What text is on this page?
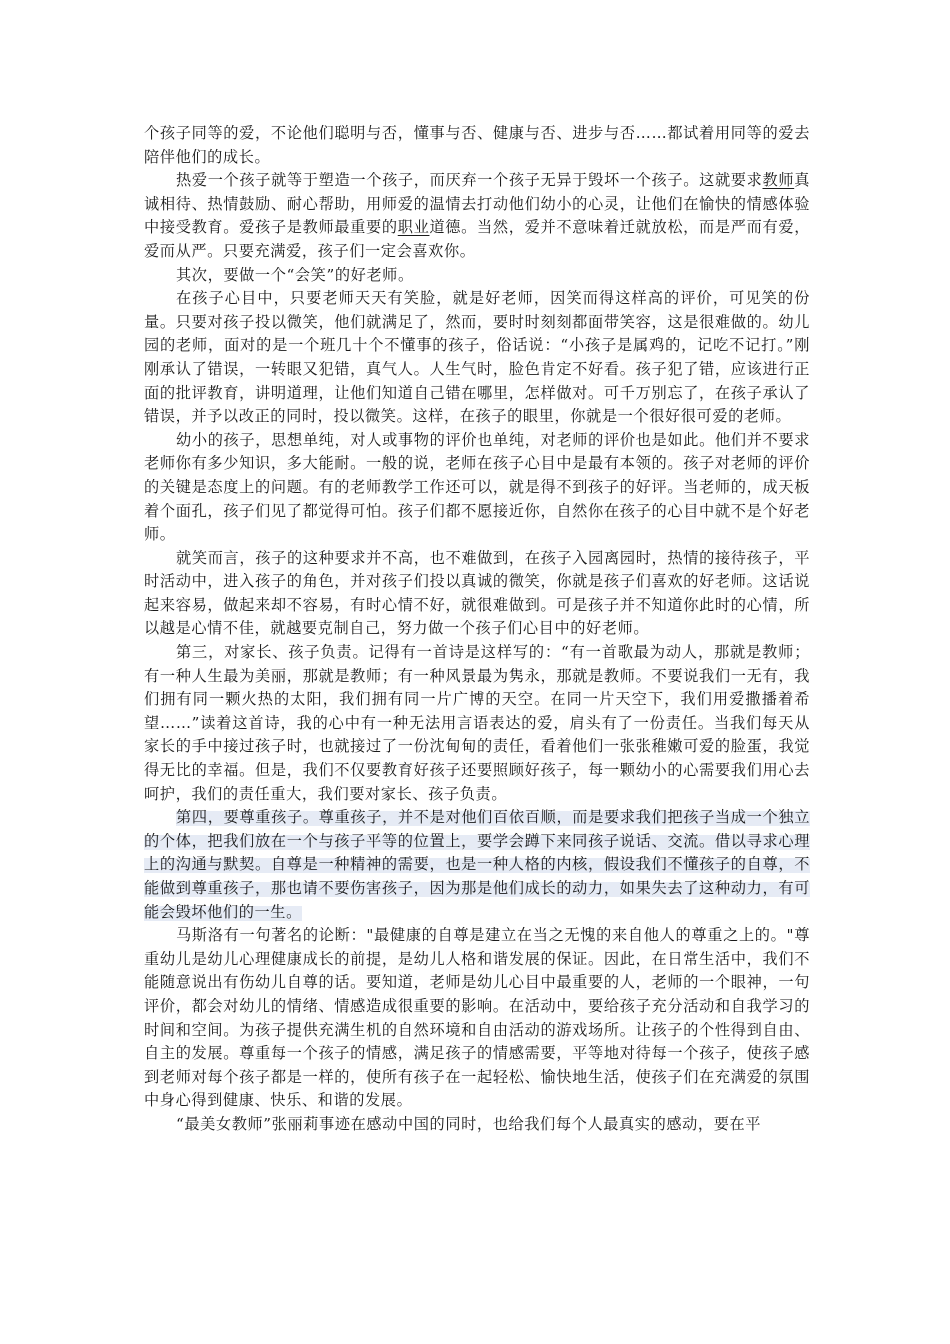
个孩子同等的爱，不论他们聪明与否，懂事与否、健康与否、进步与否……都试着用同等的爱去陪伴他们的成长。

热爱一个孩子就等于塑造一个孩子，而厌弃一个孩子无异于毁坏一个孩子。这就要求教师真诚相待、热情鼓励、耐心帮助，用师爱的温情去打动他们幼小的心灵，让他们在愉快的情感体验中接受教育。爱孩子是教师最重要的职业道德。当然，爱并不意味着迁就放松，而是严而有爱，爱而从严。只要充满爱，孩子们一定会喜欢你。

其次，要做一个“会笑”的好老师。

在孩子心目中，只要老师天天有笑脸，就是好老师，因笑而得这样高的评价，可见笑的份量。只要对孩子投以微笑，他们就满足了，然而，要时时刻刻都面带笑容，这是很难做的。幼儿园的老师，面对的是一个班几十个不懂事的孩子，俗话说：“小孩子是属鸡的，记吃不记打。”刚刚承认了错误，一转眼又犯错，真气人。人生气时，脸色肯定不好看。孩子犯了错，应该进行正面的批评教育，讲明道理，让他们知道自己错在哪里，怎样做对。可千万别忘了，在孩子承认了错误，并予以改正的同时，投以微笑。这样，在孩子的眼里，你就是一个很好很可爱的老师。

幼小的孩子，思想单纯，对人或事物的评价也单纯，对老师的评价也是如此。他们并不要求老师你有多少知识，多大能耐。一般的说，老师在孩子心目中是最有本领的。孩子对老师的评价的关键是态度上的问题。有的老师教学工作还可以，就是得不到孩子的好评。当老师的，成天板着个面孔，孩子们见了都觉得可怕。孩子们都不愿接近你，自然你在孩子的心目中就不是个好老师。

就笑而言，孩子的这种要求并不高，也不难做到，在孩子入园离园时，热情的接待孩子，平时活动中，进入孩子的角色，并对孩子们投以真诚的微笑，你就是孩子们喜欢的好老师。这话说起来容易，做起来却不容易，有时心情不好，就很难做到。可是孩子并不知道你此时的心情，所以越是心情不佳，就越要克制自己，努力做一个孩子们心目中的好老师。

第三，对家长、孩子负责。记得有一首诗是这样写的：“有一首歌最为动人，那就是教师；有一种人生最为美丽，那就是教师；有一种风景最为隽永，那就是教师。不要说我们一无有，我们拥有同一颗火热的太阳，我们拥有同一片广博的天空。在同一片天空下，我们用爱撒播着希望……”读着这首诗，我的心中有一种无法用言语表达的爱，肩头有了一份责任。当我们每天从家长的手中接过孩子时，也就接过了一份沈甸甸的责任，看着他们一张张稚嫩可爱的脸蛋，我觉得无比的幸福。但是，我们不仅要教育好孩子还要照顾好孩子，每一颗幼小的心需要我们用心去呵护，我们的责任重大，我们要对家长、孩子负责。

第四，要尊重孩子。尊重孩子，并不是对他们百依百顺，而是要求我们把孩子当成一个独立的个体，把我们放在一个与孩子平等的位置上，要学会蹲下来同孩子说话、交流。借以寻求心理上的沟通与默契。自尊是一种精神的需要，也是一种人格的内核，假设我们不懂孩子的自尊，不能做到尊重孩子，那也请不要伤害孩子，因为那是他们成长的动力，如果失去了这种动力，有可能会毁坏他们的一生。

马斯洛有一句著名的论断："最健康的自尊是建立在当之无愧的来自他人的尊重之上的。"尊重幼儿是幼儿心理健康成长的前提，是幼儿人格和谐发展的保证。因此，在日常生活中，我们不能随意说出有伤幼儿自尊的话。要知道，老师是幼儿心目中最重要的人，老师的一个眼神，一句评价，都会对幼儿的情绪、情感造成很重要的影响。在活动中，要给孩子充分活动和自我学习的时间和空间。为孩子提供充满生机的自然环境和自由活动的游戏场所。让孩子的个性得到自由、自主的发展。尊重每一个孩子的情感，满足孩子的情感需要，平等地对待每一个孩子，使孩子感到老师对每个孩子都是一样的，使所有孩子在一起轻松、愉快地生活，使孩子们在充满爱的氛围中身心得到健康、快乐、和谐的发展。

“最美女教师”张丽莉事迹在感动中国的同时，也给我们每个人最真实的感动，要在平
